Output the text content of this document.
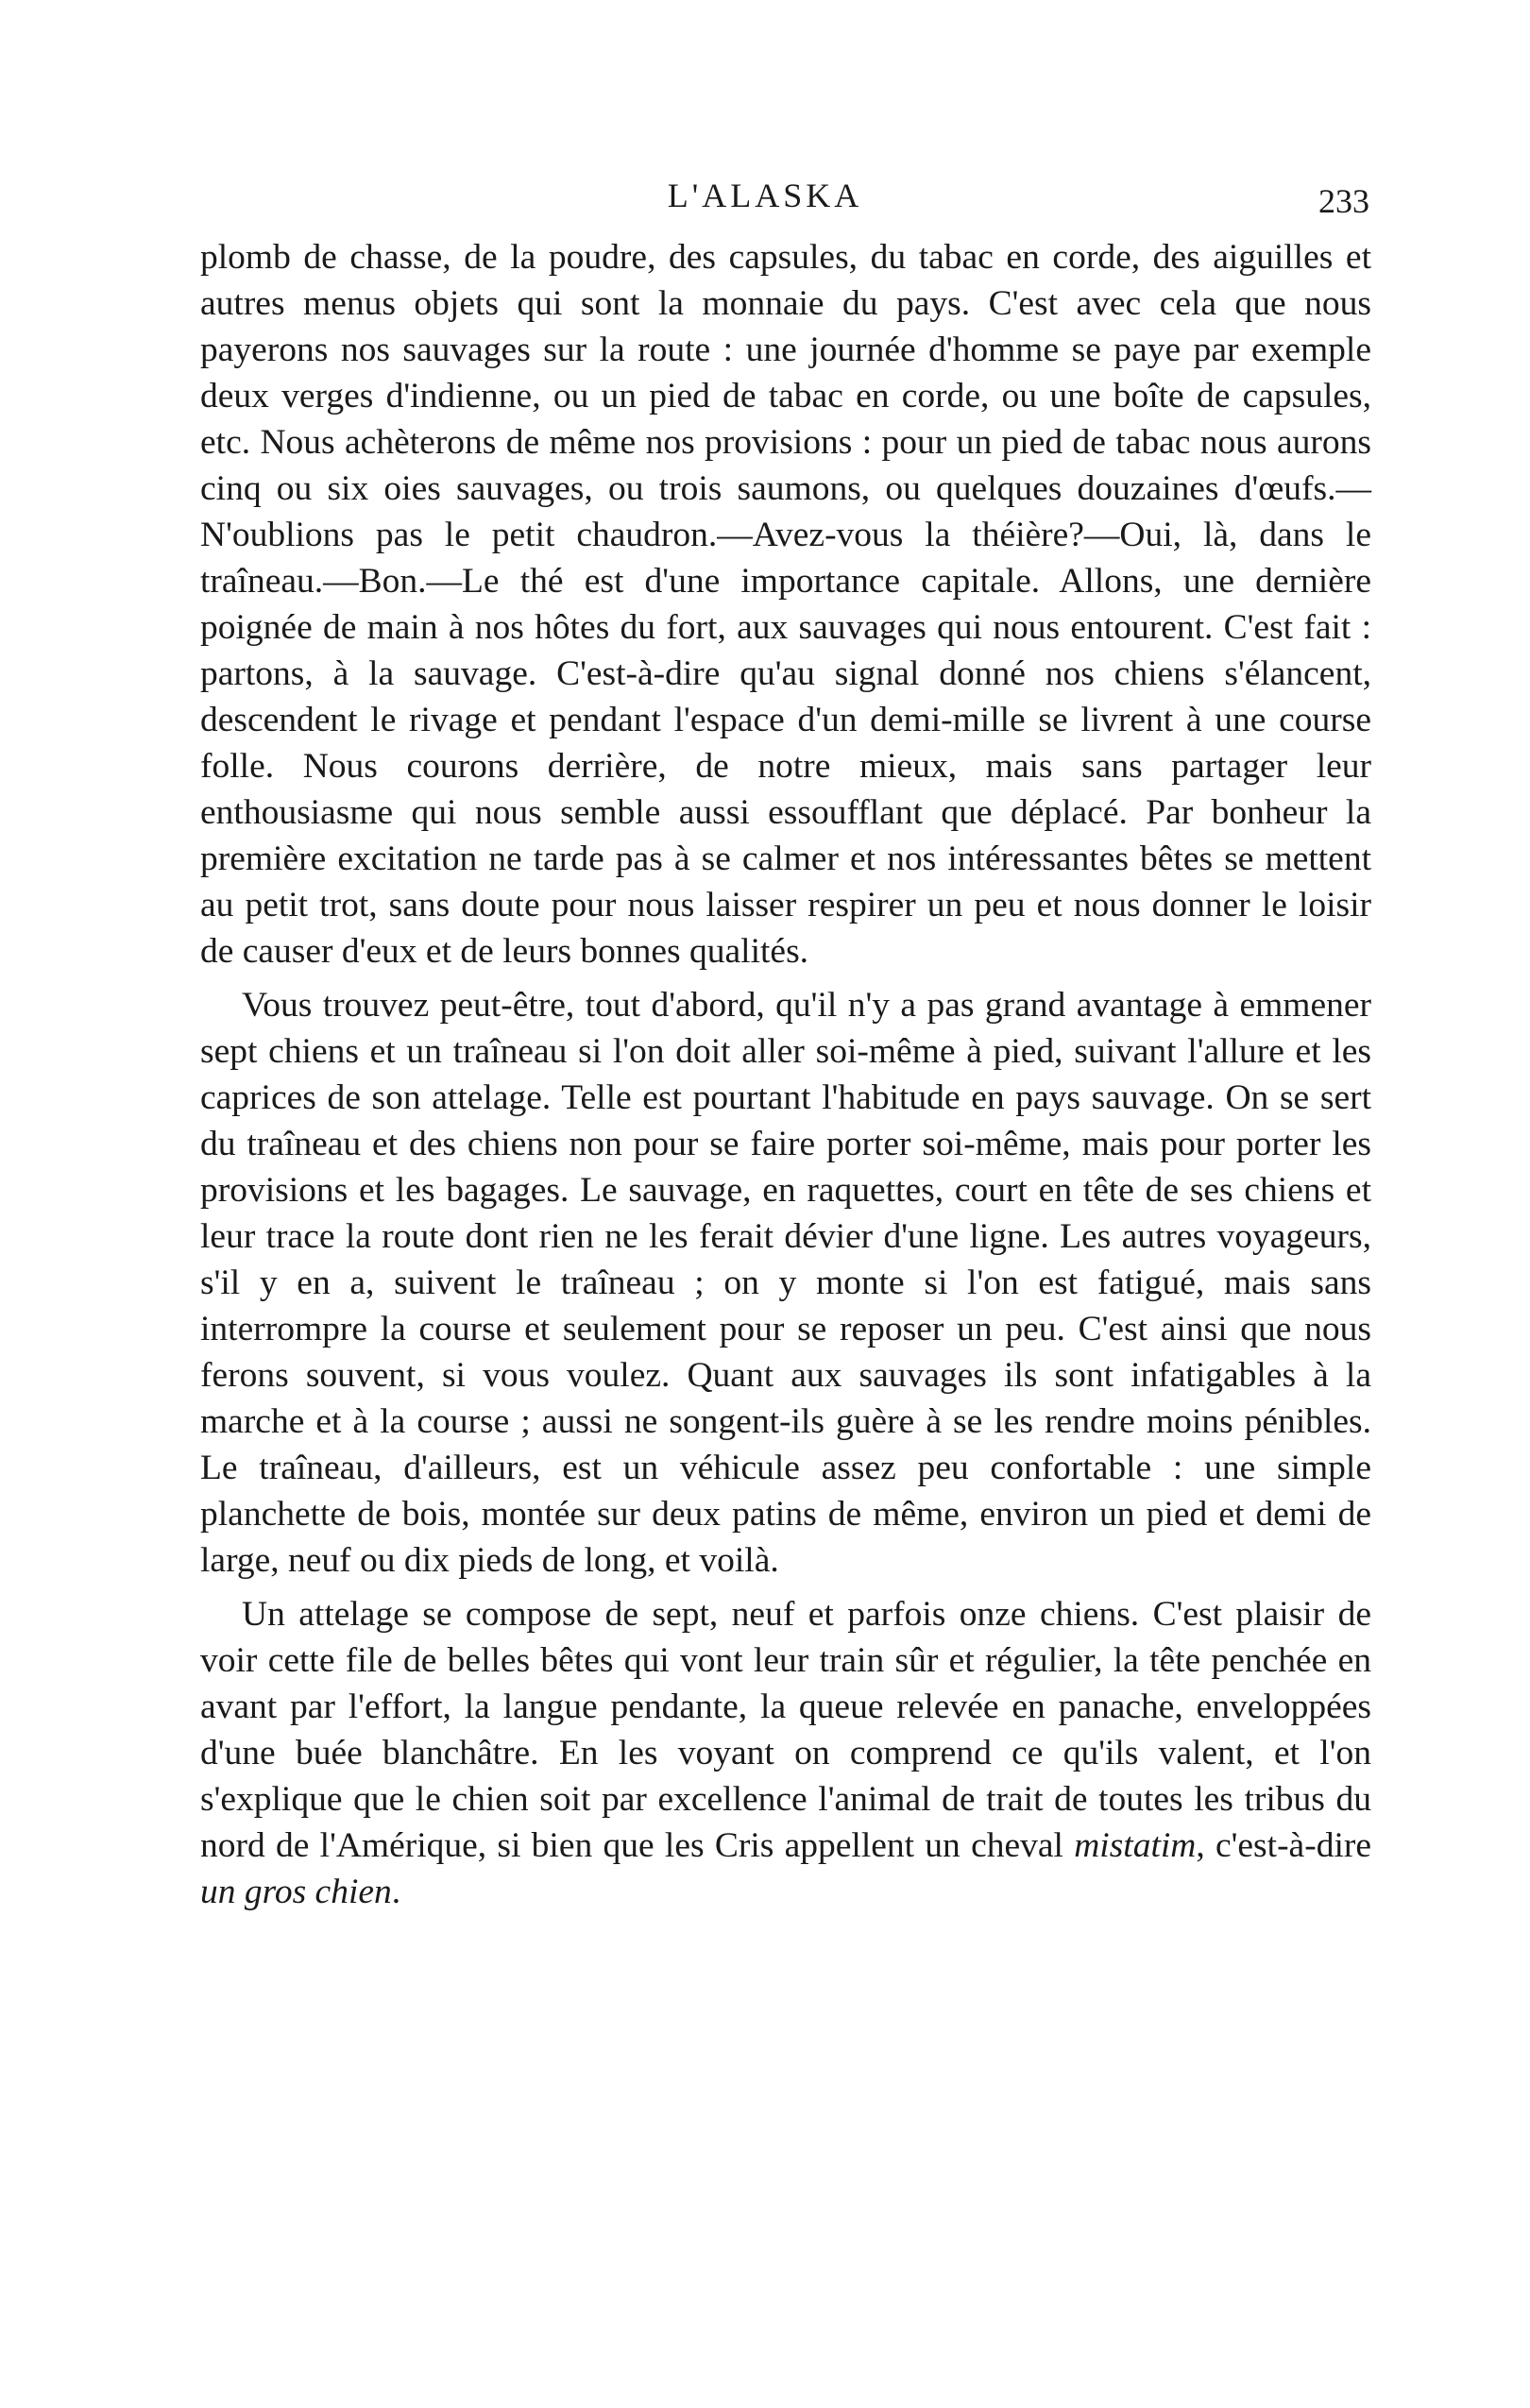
L'ALASKA	233

plomb de chasse, de la poudre, des capsules, du tabac en corde, des aiguilles et autres menus objets qui sont la monnaie du pays. C'est avec cela que nous payerons nos sauvages sur la route : une journée d'homme se paye par exemple deux verges d'indienne, ou un pied de tabac en corde, ou une boîte de capsules, etc. Nous achèterons de même nos provisions : pour un pied de tabac nous aurons cinq ou six oies sauvages, ou trois saumons, ou quelques douzaines d'œufs.—N'oublions pas le petit chaudron.—Avez-vous la théière?—Oui, là, dans le traîneau.—Bon.—Le thé est d'une importance capitale. Allons, une dernière poignée de main à nos hôtes du fort, aux sauvages qui nous entourent. C'est fait : partons, à la sauvage. C'est-à-dire qu'au signal donné nos chiens s'élancent, descendent le rivage et pendant l'espace d'un demi-mille se livrent à une course folle. Nous courons derrière, de notre mieux, mais sans partager leur enthousiasme qui nous semble aussi essoufflant que déplacé. Par bonheur la première excitation ne tarde pas à se calmer et nos intéressantes bêtes se mettent au petit trot, sans doute pour nous laisser respirer un peu et nous donner le loisir de causer d'eux et de leurs bonnes qualités.

Vous trouvez peut-être, tout d'abord, qu'il n'y a pas grand avantage à emmener sept chiens et un traîneau si l'on doit aller soi-même à pied, suivant l'allure et les caprices de son attelage. Telle est pourtant l'habitude en pays sauvage. On se sert du traîneau et des chiens non pour se faire porter soi-même, mais pour porter les provisions et les bagages. Le sauvage, en raquettes, court en tête de ses chiens et leur trace la route dont rien ne les ferait dévier d'une ligne. Les autres voyageurs, s'il y en a, suivent le traîneau ; on y monte si l'on est fatigué, mais sans interrompre la course et seulement pour se reposer un peu. C'est ainsi que nous ferons souvent, si vous voulez. Quant aux sauvages ils sont infatigables à la marche et à la course ; aussi ne songent-ils guère à se les rendre moins pénibles. Le traîneau, d'ailleurs, est un véhicule assez peu confortable : une simple planchette de bois, montée sur deux patins de même, environ un pied et demi de large, neuf ou dix pieds de long, et voilà.

Un attelage se compose de sept, neuf et parfois onze chiens. C'est plaisir de voir cette file de belles bêtes qui vont leur train sûr et régulier, la tête penchée en avant par l'effort, la langue pendante, la queue relevée en panache, enveloppées d'une buée blanchâtre. En les voyant on comprend ce qu'ils valent, et l'on s'explique que le chien soit par excellence l'animal de trait de toutes les tribus du nord de l'Amérique, si bien que les Cris appellent un cheval mistatim, c'est-à-dire un gros chien.
